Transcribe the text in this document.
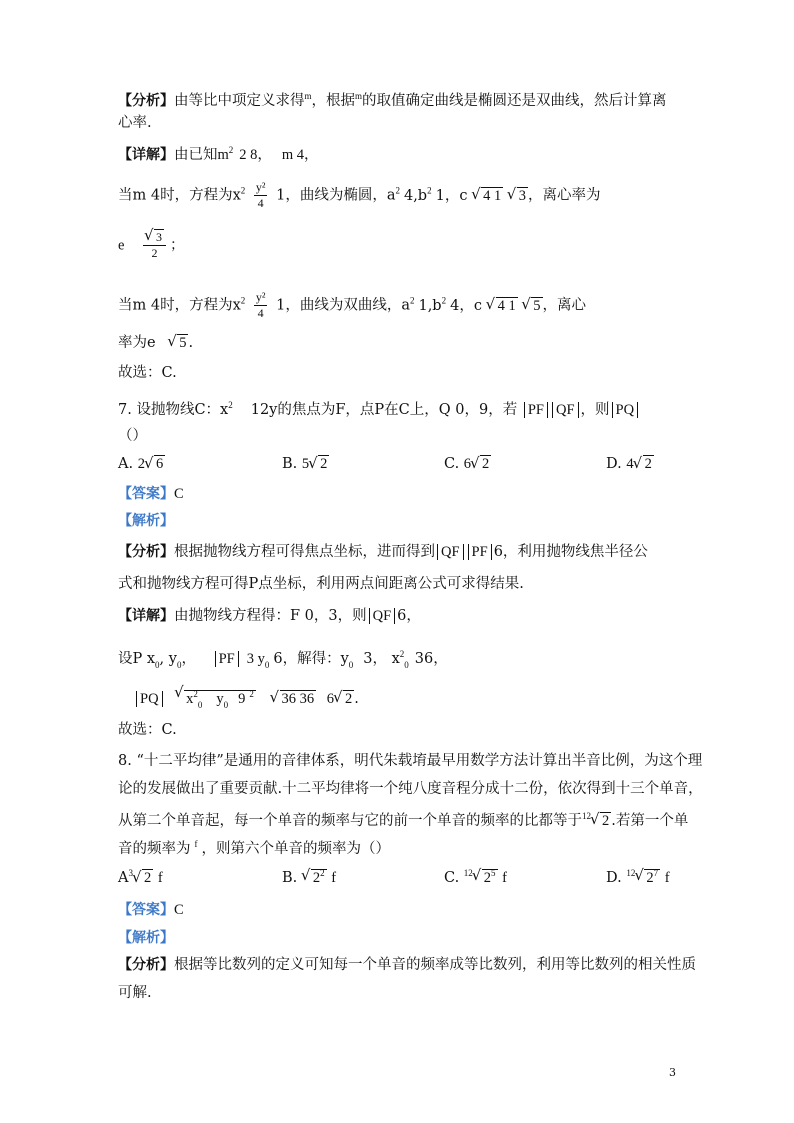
【分析】由等比中项定义求得$^m$，根据$^m$的取值确定曲线是椭圆还是双曲线，然后计算离
心率.
【详解】由已知$m^2$ 2 8， m 4，
当m 4时，方程为$x^2 \frac{\text{y²}}{4} 1$，曲线为椭圆，$a^2$ $4,b^2$ 1，c √ 4 1 √ 3 ，离心率为
e
√ $\frac{3}{2}$ ；
当m 4时，方程为$x^2 \frac{\text{y²}}{4} 1$，曲线为双曲线，$a^2$ $1,b^2$ 4，c √ 4 1 √ 5 ，离心
率为e √ 5 .
故选：C.
7. 设抛物线C：$x^2$ 12y的焦点为F，点P在C上，Q 0，9，若 PF QF ，则 PQ
（）
A. 2√ 6	B. 5√ 2	C. 6√ 2	D. 4√ 2
【答案】C
【解析】
【分析】根据抛物线方程可得焦点坐标，进而得到 QF PF 6，利用抛物线焦半径公
式和抛物线方程可得P点坐标，利用两点间距离公式可求得结果.
【详解】由抛物线方程得：F 0，3，则 QF 6，
设P $x_0$, $y_0$， PF 3 $y_0$ 6，解得：$y_0$ 3， $x^2_0$ 36，
PQ √ $x^2_0$ $y_0$ 9 $^2$ √ 36 36 6√ 2 .
故选：C.
8. “十二平均律”是通用的音律体系，明代朱载堉最早用数学方法计算出半音比例，为这个理
论的发展做出了重要贡献.十二平均律将一个纯八度音程分成十二份，依次得到十三个单音，
从第二个单音起，每一个单音的频率与它的前一个单音的频率的比都等于$^{12}$√ 2 .若第一个单
音的频率为 $^f$ ，则第六个单音的频率为（）
$A^3√$ 2 f	B. √ $2^2$ f	C. $^{12}$√ $2^5$ f	D. $^{12}$√ $2^7$ f
【答案】C
【解析】
【分析】根据等比数列的定义可知每一个单音的频率成等比数列，利用等比数列的相关性质
可解.
3
